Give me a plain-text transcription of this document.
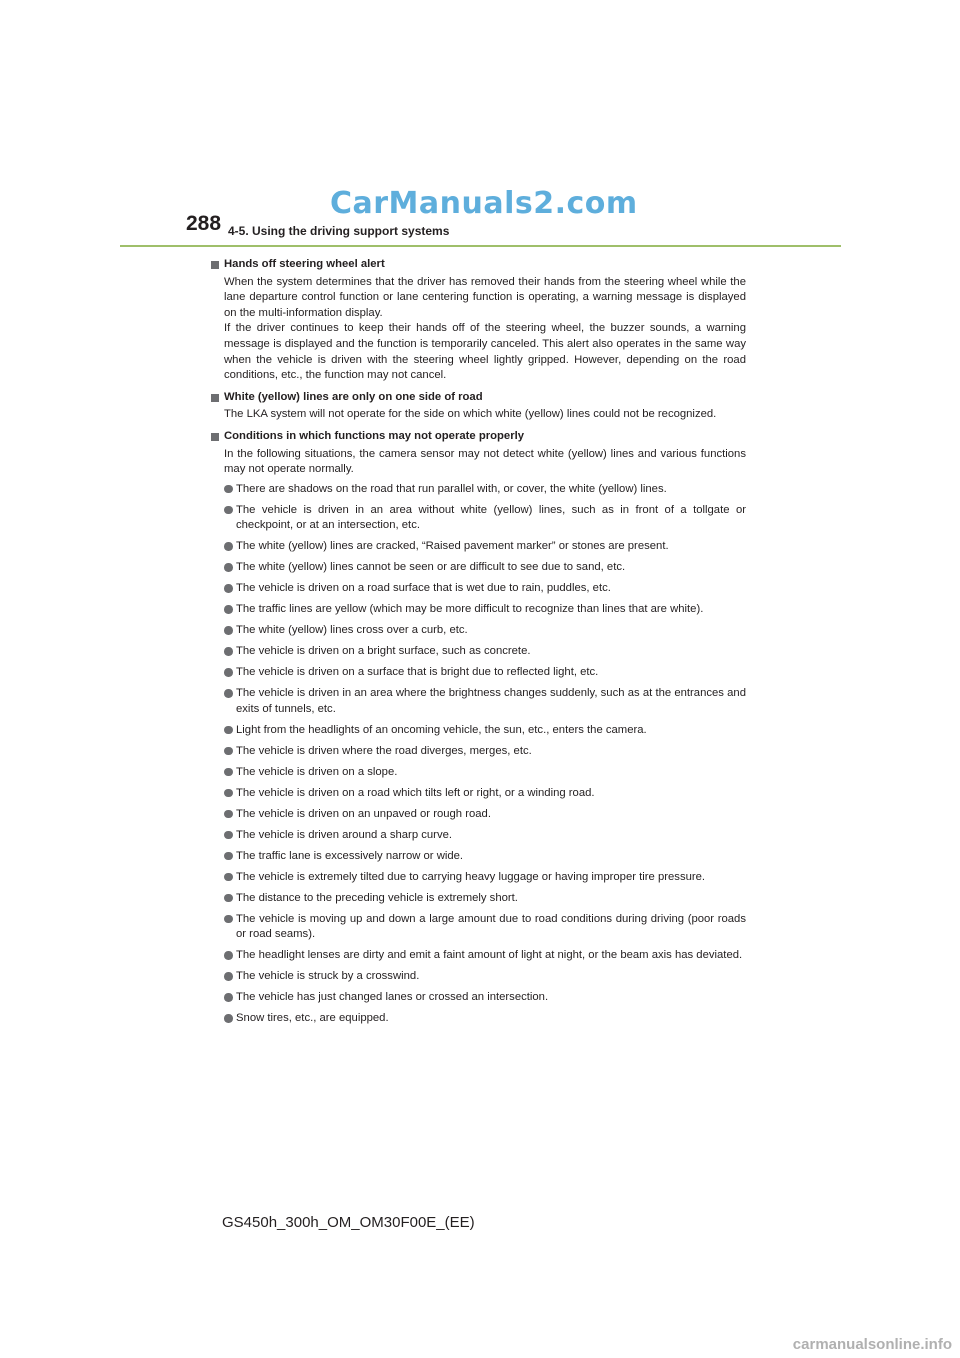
CarManuals2.com
288 4-5. Using the driving support systems
Hands off steering wheel alert
When the system determines that the driver has removed their hands from the steering wheel while the lane departure control function or lane centering function is operating, a warning message is displayed on the multi-information display.
If the driver continues to keep their hands off of the steering wheel, the buzzer sounds, a warning message is displayed and the function is temporarily canceled. This alert also operates in the same way when the vehicle is driven with the steering wheel lightly gripped. However, depending on the road conditions, etc., the function may not cancel.
White (yellow) lines are only on one side of road
The LKA system will not operate for the side on which white (yellow) lines could not be recognized.
Conditions in which functions may not operate properly
In the following situations, the camera sensor may not detect white (yellow) lines and various functions may not operate normally.
There are shadows on the road that run parallel with, or cover, the white (yellow) lines.
The vehicle is driven in an area without white (yellow) lines, such as in front of a tollgate or checkpoint, or at an intersection, etc.
The white (yellow) lines are cracked, “Raised pavement marker” or stones are present.
The white (yellow) lines cannot be seen or are difficult to see due to sand, etc.
The vehicle is driven on a road surface that is wet due to rain, puddles, etc.
The traffic lines are yellow (which may be more difficult to recognize than lines that are white).
The white (yellow) lines cross over a curb, etc.
The vehicle is driven on a bright surface, such as concrete.
The vehicle is driven on a surface that is bright due to reflected light, etc.
The vehicle is driven in an area where the brightness changes suddenly, such as at the entrances and exits of tunnels, etc.
Light from the headlights of an oncoming vehicle, the sun, etc., enters the camera.
The vehicle is driven where the road diverges, merges, etc.
The vehicle is driven on a slope.
The vehicle is driven on a road which tilts left or right, or a winding road.
The vehicle is driven on an unpaved or rough road.
The vehicle is driven around a sharp curve.
The traffic lane is excessively narrow or wide.
The vehicle is extremely tilted due to carrying heavy luggage or having improper tire pressure.
The distance to the preceding vehicle is extremely short.
The vehicle is moving up and down a large amount due to road conditions during driving (poor roads or road seams).
The headlight lenses are dirty and emit a faint amount of light at night, or the beam axis has deviated.
The vehicle is struck by a crosswind.
The vehicle has just changed lanes or crossed an intersection.
Snow tires, etc., are equipped.
GS450h_300h_OM_OM30F00E_(EE)
carmanualsonline.info
